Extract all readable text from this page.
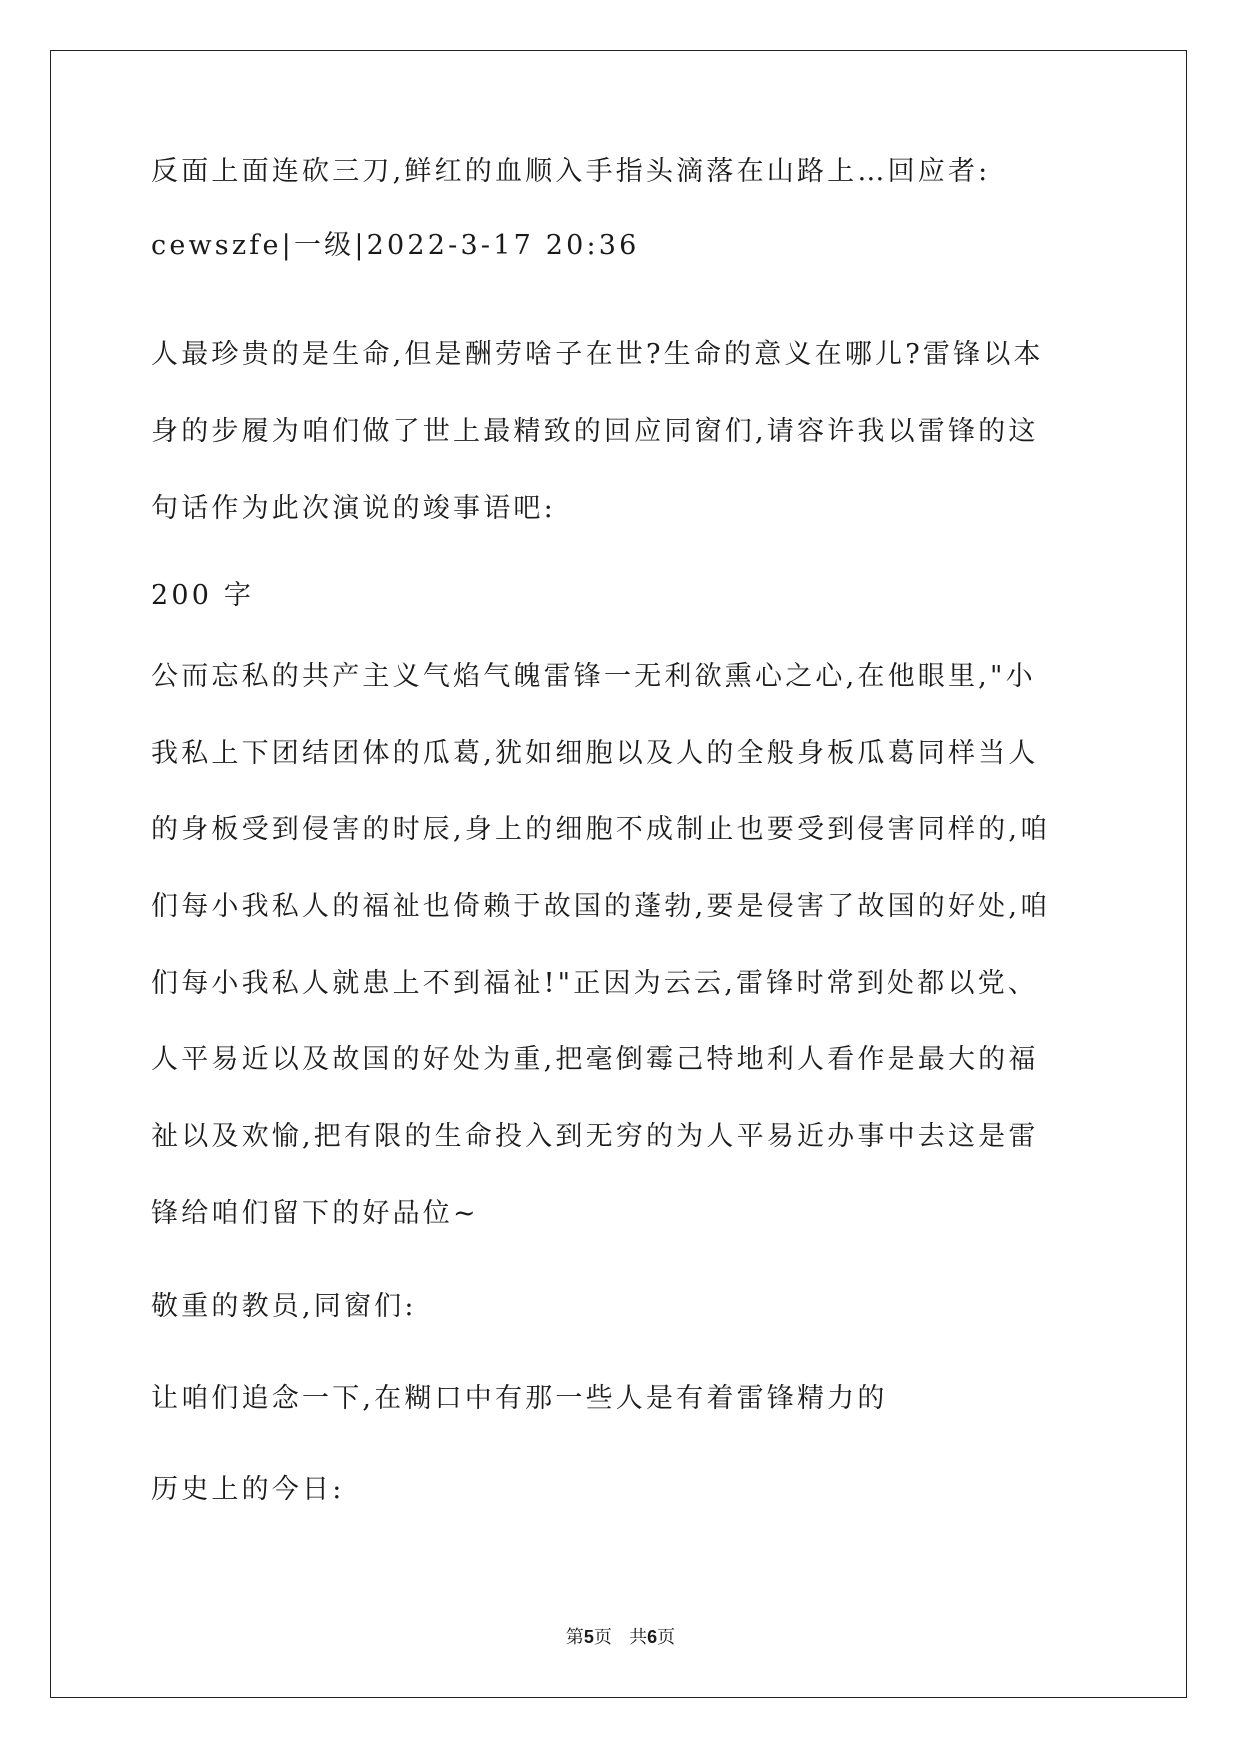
反面上面连砍三刀,鲜红的血顺入手指头滴落在山路上…回应者:
cewszfe|一级|2022-3-17 20:36
人最珍贵的是生命,但是酬劳啥子在世?生命的意义在哪儿?雷锋以本
身的步履为咱们做了世上最精致的回应同窗们,请容许我以雷锋的这
句话作为此次演说的竣事语吧:
200 字
公而忘私的共产主义气焰气魄雷锋一无利欲熏心之心,在他眼里,"小
我私上下团结团体的瓜葛,犹如细胞以及人的全般身板瓜葛同样当人
的身板受到侵害的时辰,身上的细胞不成制止也要受到侵害同样的,咱
们每小我私人的福祉也倚赖于故国的蓬勃,要是侵害了故国的好处,咱
们每小我私人就患上不到福祉!"正因为云云,雷锋时常到处都以党、
人平易近以及故国的好处为重,把毫倒霉己特地利人看作是最大的福
祉以及欢愉,把有限的生命投入到无穷的为人平易近办事中去这是雷
锋给咱们留下的好品位~
敬重的教员,同窗们:
让咱们追念一下,在糊口中有那一些人是有着雷锋精力的
历史上的今日:
第5页 共6页
